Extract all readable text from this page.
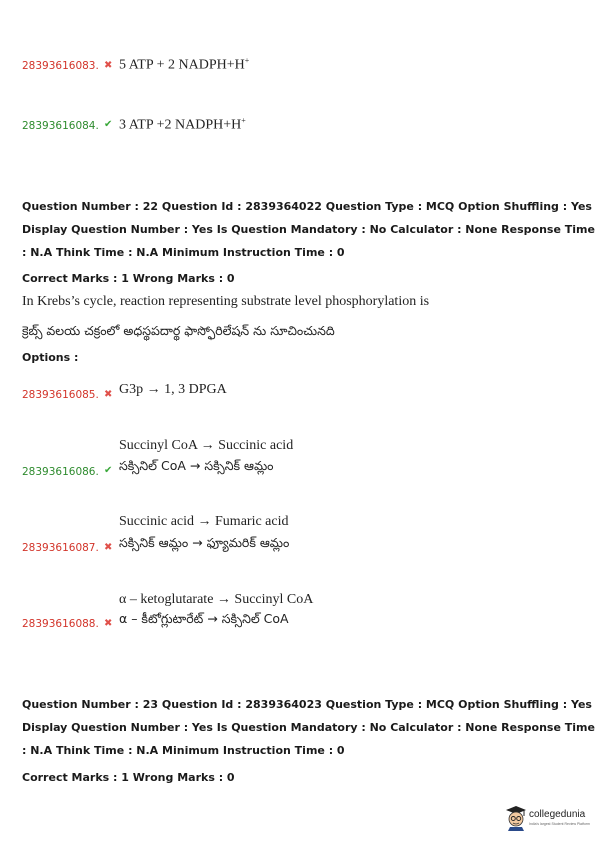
28393616083. ✖ 5 ATP + 2 NADPH+H+
28393616084. ✔ 3 ATP +2 NADPH+H+
Question Number : 22 Question Id : 2839364022 Question Type : MCQ Option Shuffling : Yes
Display Question Number : Yes Is Question Mandatory : No Calculator : None Response Time
: N.A Think Time : N.A Minimum Instruction Time : 0
Correct Marks : 1 Wrong Marks : 0
In Krebs’s cycle, reaction representing substrate level phosphorylation is
క్రెబ్స్ వలయ చక్రంలో అధస్థపదార్థ ఫాస్ఫోరిలేషన్ ను సూచించునది
Options :
28393616085. ✖ G3p → 1, 3 DPGA
Succinyl CoA → Succinic acid
28393616086. ✔ సక్సినిల్ CoA → సక్సినిక్ ఆమ్లం
Succinic acid → Fumaric acid
28393616087. ✖ సక్సినిక్ ఆమ్లం → ఫ్యూమరిక్ ఆమ్లం
α – ketoglutarate → Succinyl CoA
28393616088. ✖ α – కీటోగ్లుటారేట్ → సక్సినిల్ CoA
Question Number : 23 Question Id : 2839364023 Question Type : MCQ Option Shuffling : Yes
Display Question Number : Yes Is Question Mandatory : No Calculator : None Response Time
: N.A Think Time : N.A Minimum Instruction Time : 0
Correct Marks : 1 Wrong Marks : 0
collegedunia
India's largest Student Review Platform
